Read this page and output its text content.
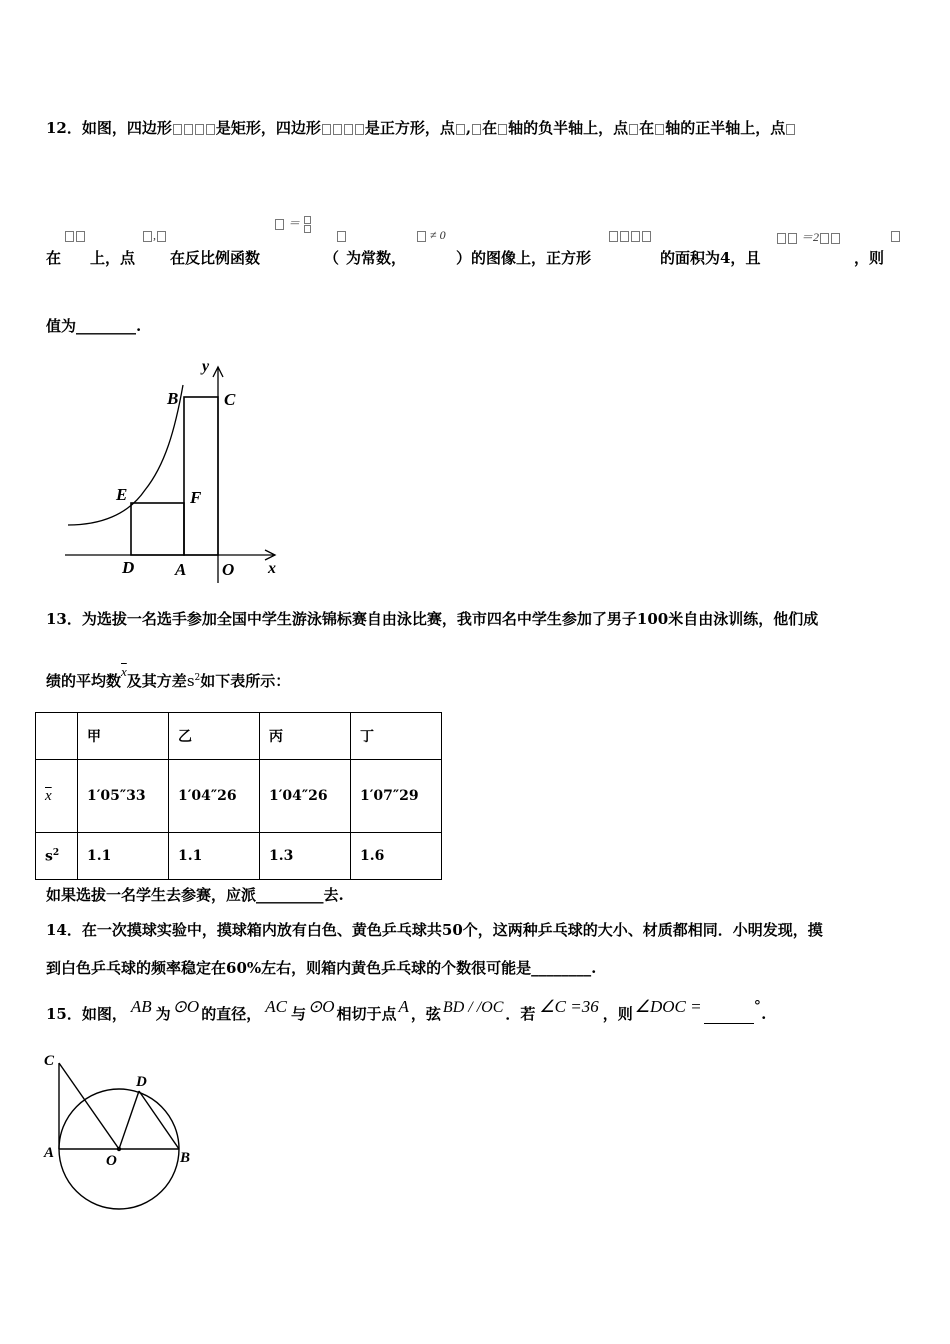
12．如图，四边形	是矩形，四边形	是正方形，点 , 在 轴的负半轴上，点 在 轴的正半轴上，点
,
＝

≠ 0	＝2
在 上，点 在反比例函数	（ 为常数，	）的图像上，正方形	的面积为4，且	，则
值为________.
y
B	C
E	F
D A O x
13．为选拔一名选手参加全国中学生游泳锦标赛自由泳比赛，我市四名中学生参加了男子100米自由泳训练，他们成
绩的平均数$\overline{x}$及其方差$s^2$如下表所示：
	甲	乙	丙	丁
$\overline{x}$	1′05″33	1′04″26	1′04″26	1′07″29
$s^2$	1.1	1.1	1.3	1.6
如果选拔一名学生去参赛，应派_________去.
14．在一次摸球实验中，摸球箱内放有白色、黄色乒乓球共50个，这两种乒乓球的大小、材质都相同．小明发现，摸
到白色乒乓球的频率稳定在60%左右，则箱内黄色乒乓球的个数很可能是________.
15．如图， AB 为 ⊙O 的直径， AC 与 ⊙O 相切于点 A ，弦 BD / /OC ．若 ∠C =36 ，则 ∠DOC =	°.
C
D
A	O	B
